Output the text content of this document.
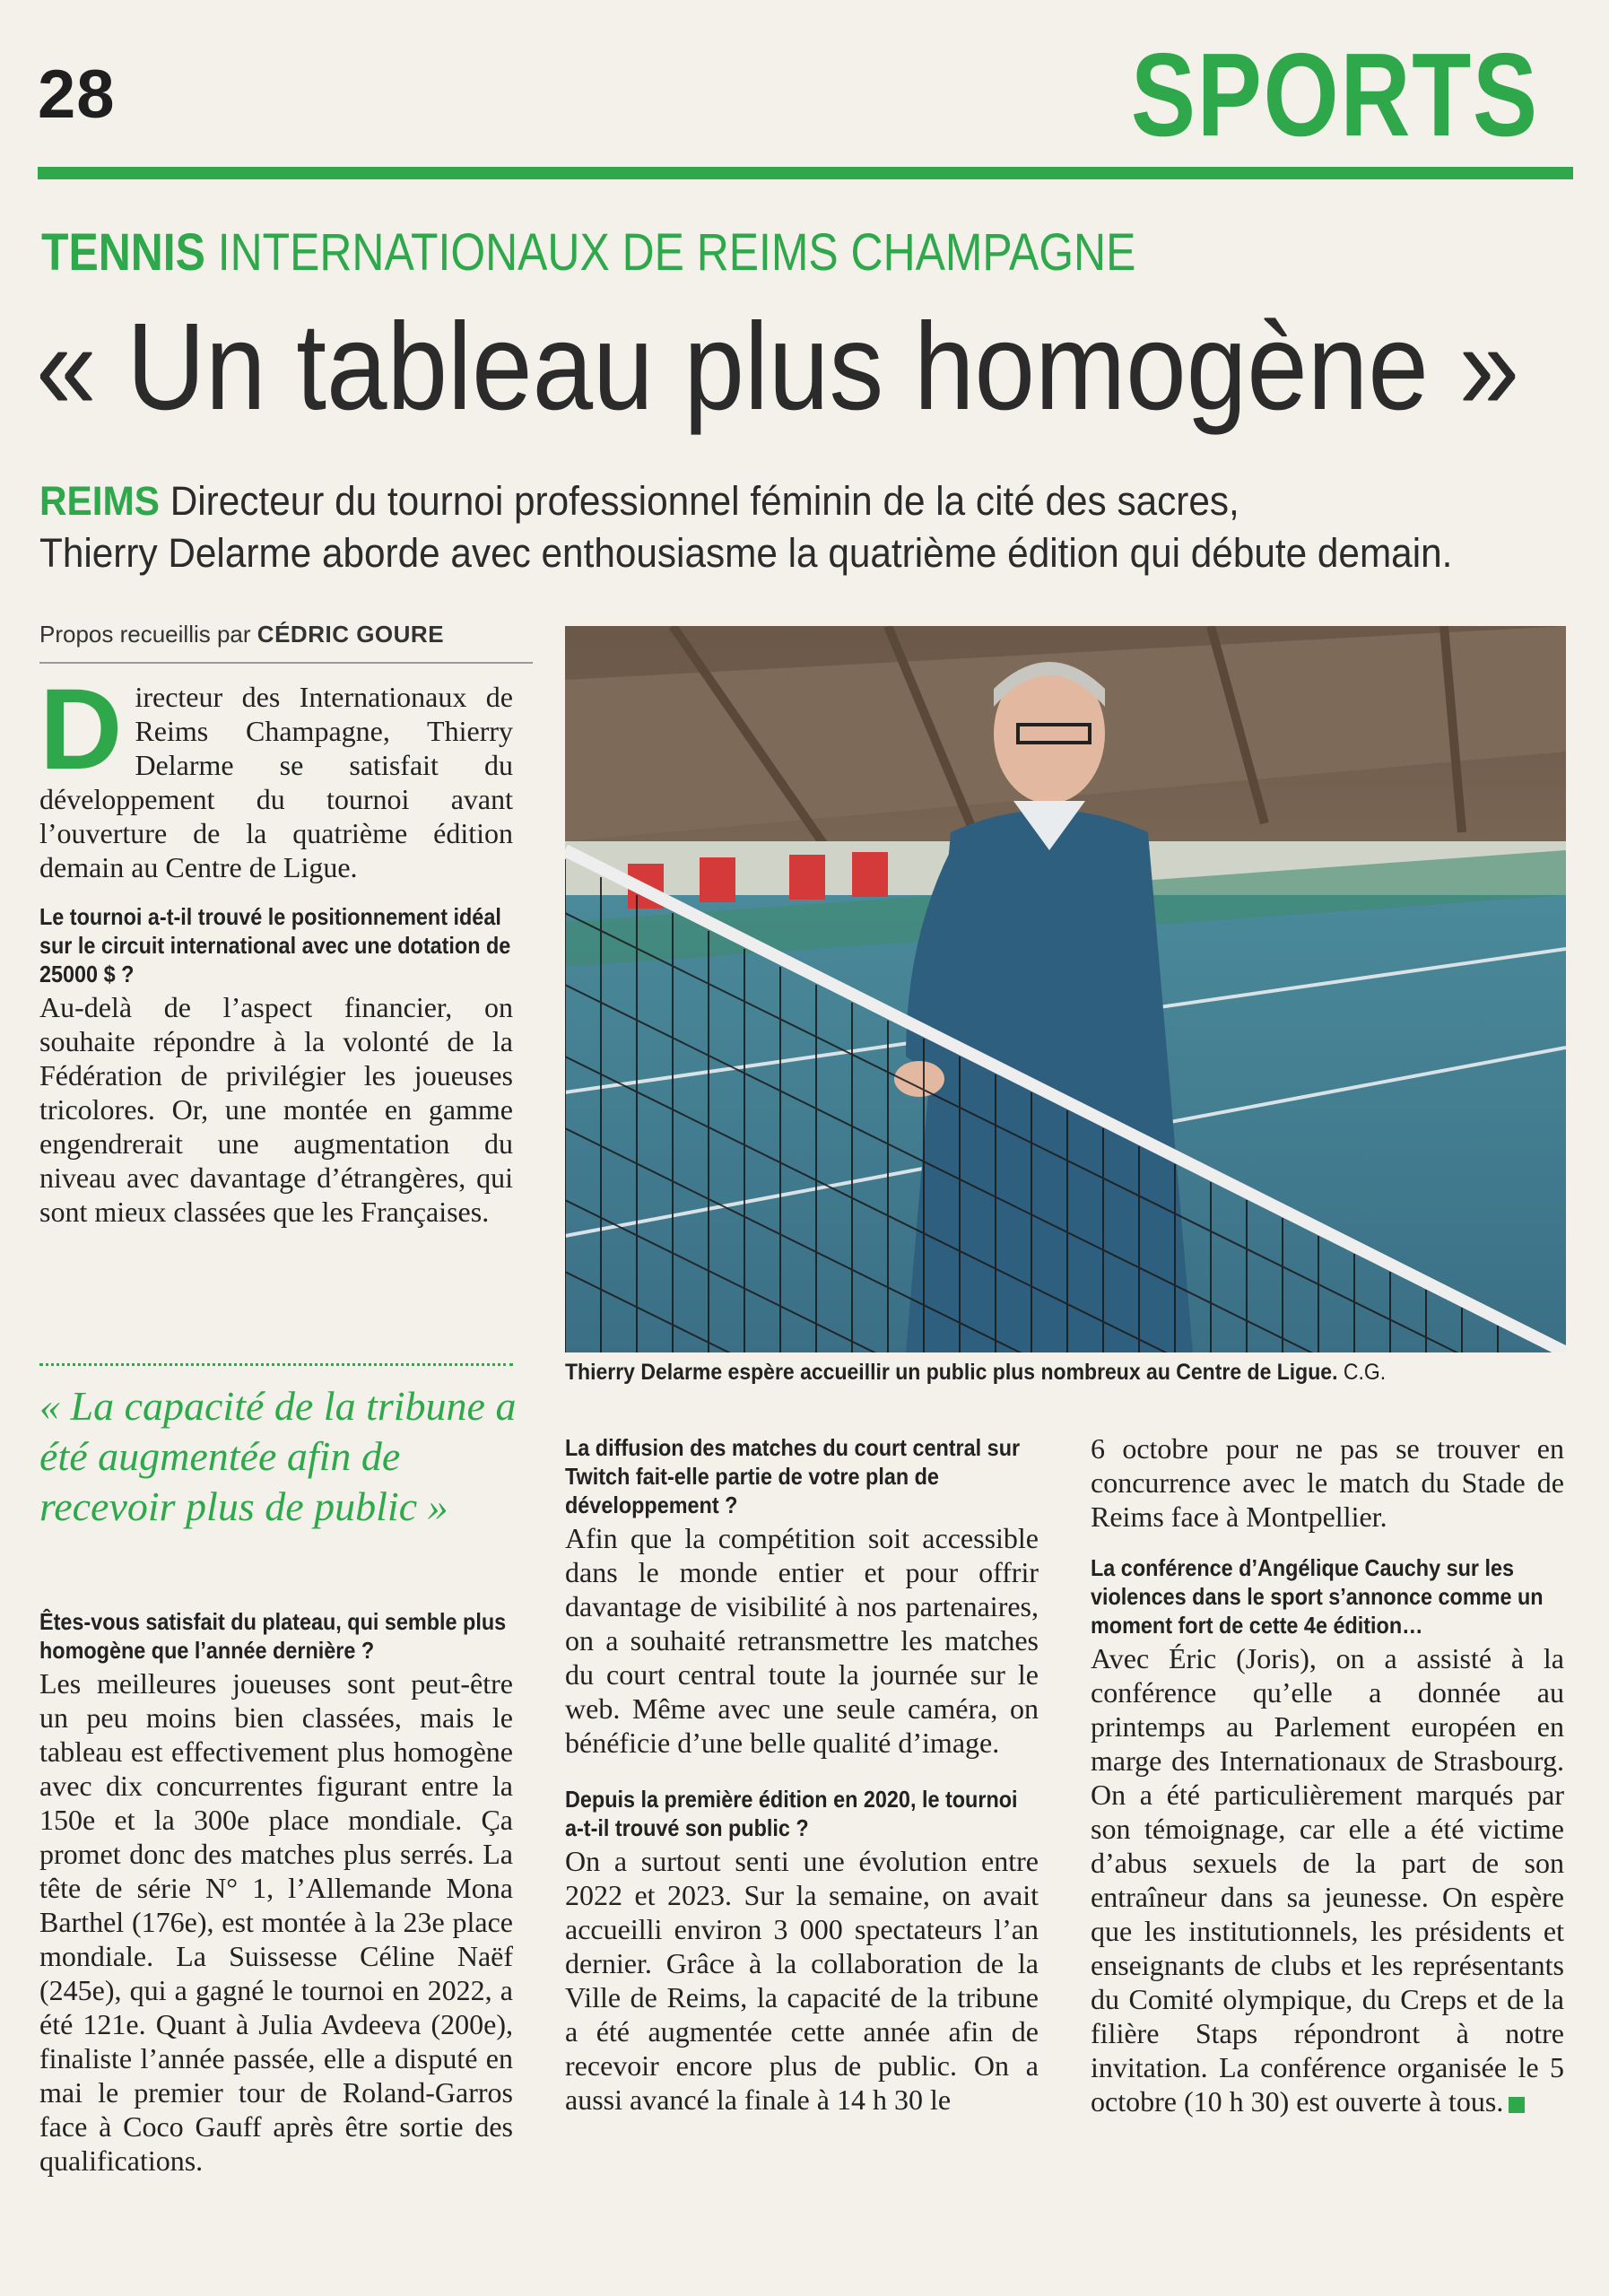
28	SPORTS
TENNIS INTERNATIONAUX DE REIMS CHAMPAGNE
« Un tableau plus homogène »
REIMS Directeur du tournoi professionnel féminin de la cité des sacres,
Thierry Delarme aborde avec enthousiasme la quatrième édition qui débute demain.
Propos recueillis par CÉDRIC GOURE
Directeur des Internationaux de Reims Champagne, Thierry Delarme se satisfait du développement du tournoi avant l’ouverture de la quatrième édition demain au Centre de Ligue.
Le tournoi a-t-il trouvé le positionnement idéal sur le circuit international avec une dotation de 25000 $ ?
Au-delà de l’aspect financier, on souhaite répondre à la volonté de la Fédération de privilégier les joueuses tricolores. Or, une montée en gamme engendrerait une augmentation du niveau avec davantage d’étrangères, qui sont mieux classées que les Françaises.
« La capacité de la tribune a été augmentée afin de recevoir plus de public »
Êtes-vous satisfait du plateau, qui semble plus homogène que l’année dernière ?
Les meilleures joueuses sont peut-être un peu moins bien classées, mais le tableau est effectivement plus homogène avec dix concurrentes figurant entre la 150e et la 300e place mondiale. Ça promet donc des matches plus serrés. La tête de série N° 1, l’Allemande Mona Barthel (176e), est montée à la 23e place mondiale. La Suissesse Céline Naëf (245e), qui a gagné le tournoi en 2022, a été 121e. Quant à Julia Avdeeva (200e), finaliste l’année passée, elle a disputé en mai le premier tour de Roland-Garros face à Coco Gauff après être sortie des qualifications.
Thierry Delarme espère accueillir un public plus nombreux au Centre de Ligue. C.G.
La diffusion des matches du court central sur Twitch fait-elle partie de votre plan de développement ?
Afin que la compétition soit accessible dans le monde entier et pour offrir davantage de visibilité à nos partenaires, on a souhaité retransmettre les matches du court central toute la journée sur le web. Même avec une seule caméra, on bénéficie d’une belle qualité d’image.
Depuis la première édition en 2020, le tournoi a-t-il trouvé son public ?
On a surtout senti une évolution entre 2022 et 2023. Sur la semaine, on avait accueilli environ 3 000 spectateurs l’an dernier. Grâce à la collaboration de la Ville de Reims, la capacité de la tribune a été augmentée cette année afin de recevoir encore plus de public. On a aussi avancé la finale à 14 h 30 le
6 octobre pour ne pas se trouver en concurrence avec le match du Stade de Reims face à Montpellier.
La conférence d’Angélique Cauchy sur les violences dans le sport s’annonce comme un moment fort de cette 4e édition…
Avec Éric (Joris), on a assisté à la conférence qu’elle a donnée au printemps au Parlement européen en marge des Internationaux de Strasbourg. On a été particulièrement marqués par son témoignage, car elle a été victime d’abus sexuels de la part de son entraîneur dans sa jeunesse. On espère que les institutionnels, les présidents et enseignants de clubs et les représentants du Comité olympique, du Creps et de la filière Staps répondront à notre invitation. La conférence organisée le 5 octobre (10 h 30) est ouverte à tous.
